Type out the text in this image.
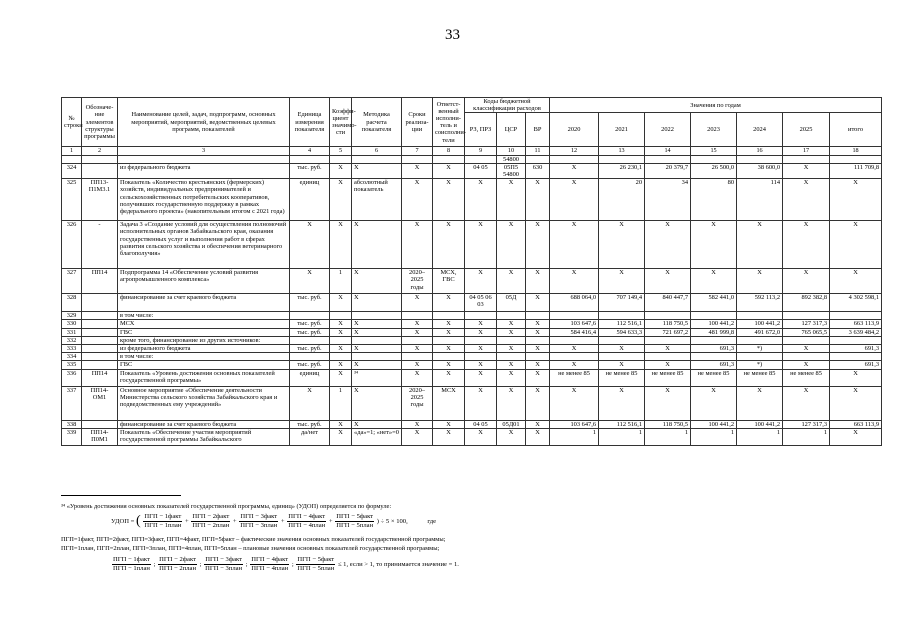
33
№ строки	Обозначе-ние элементов структуры программы	Наименование целей, задач, подпрограмм, основных мероприятий, мероприятий, ведомственных целевых программ, показателей	Единица измерения показателя	Коэффи-циент значимо-сти	Методика расчета показателя	Сроки реализа-ции	Ответст-венный исполни-тель и соисполни-тели	Коды бюджетной классификации расходов			Значения по годам						
								РЗ, ПРЗ	ЦСР	ВР	2020	2021	2022	2023	2024	2025	итого
1	2	3	4	5	6	7	8	9	10	11	12	13	14	15	16	17	18
									54800								
324		из федерального бюджета	тыс. руб.	Х	Х	Х	Х	04 05	05П5 54800	630	Х	26 230,1	20 379,7	26 500,0	38 600,0	Х	111 709,8
325	ПП13-П1М3.1	Показатель «Количество крестьянских (фермерских) хозяйств, индивидуальных предпринимателей и сельскохозяйственных потребительских кооперативов, получивших государственную поддержку в рамках федерального проекта» (накопительным итогом с 2021 года)	единиц	Х	абсолютный показатель	Х	Х	Х	Х	Х	Х	20	34	80	114	Х	Х
326	-	Задача 3 «Создание условий для осуществления полномочий исполнительных органов Забайкальского края, оказания государственных услуг и выполнения работ в сферах развития сельского хозяйства и обеспечения ветеринарного благополучия»	Х	Х	Х	Х	Х	Х	Х	Х	Х	Х	Х	Х	Х	Х	Х
327	ПП14	Подпрограмма 14 «Обеспечение условий развития агропромышленного комплекса»	Х	1	Х	2020–2025 годы	МСХ, ГВС	Х	Х	Х	Х	Х	Х	Х	Х	Х	Х
328		финансирование за счет краевого бюджета	тыс. руб.	Х	Х	Х	Х	04 05 06 03	05Д	Х	688 064,0	707 149,4	840 447,7	582 441,0	592 113,2	892 382,8	4 302 598,1
329		в том числе:															
330		МСХ	тыс. руб.	Х	Х	Х	Х	Х	Х	Х	103 647,6	112 516,1	118 750,5	100 441,2	100 441,2	127 317,3	663 113,9
331		ГВС	тыс. руб.	Х	Х	Х	Х	Х	Х	Х	584 416,4	594 633,3	721 697,2	481 999,8	491 672,0	765 065,5	3 639 484,2
332		кроме того, финансирование из других источников:															
333		из федерального бюджета	тыс. руб.	Х	Х	Х	Х	Х	Х	Х	Х	Х	Х	691,3	*)	Х	691,3
334		в том числе:															
335		ГВС	тыс. руб.	Х	Х	Х	Х	Х	Х	Х	Х	Х	Х	691,3	*)	Х	691,3
336	ПП14	Показатель «Уровень достижения основных показателей государственной программы»	единиц	Х	³⁴	Х	Х	Х	Х	Х	не менее 85	не менее 85	не менее 85	не менее 85	не менее 85	не менее 85	Х
337	ПП14-ОМ1	Основное мероприятие «Обеспечение деятельности Министерства сельского хозяйства Забайкальского края и подведомственных ему учреждений»	Х	1	Х	2020–2025 годы	МСХ	Х	Х	Х	Х	Х	Х	Х	Х	Х	Х
338		финансирование за счет краевого бюджета	тыс. руб.	Х	Х	Х	Х	04 05	05Д01	Х	103 647,6	112 516,1	118 750,5	100 441,2	100 441,2	127 317,3	663 113,9
339	ПП14-П0М1	Показатель «Обеспечение участия мероприятий государственной программы Забайкальского	да/нет	Х	«да»=1; «нет»=0	Х	Х	Х	Х	Х	1	1	1	1	1	1	Х
³⁴ «Уровень достижения основных показателей государственной программы, единиц» (УДОП) определяется по формуле:
УДОП = ( $\frac{\text{ПГП − 1факт}}{\text{ПГП − 1план}} + \frac{\text{ПГП − 2факт}}{\text{ПГП − 2план}} + \frac{\text{ПГП − 3факт}}{\text{ПГП − 3план}} + \frac{\text{ПГП − 4факт}}{\text{ПГП − 4план}} + \frac{\text{ПГП − 5факт}}{\text{ПГП − 5план}}$ ) ÷ 5 × 100,	где
ПГП=1факт, ПГП=2факт, ПГП=3факт, ПГП=4факт, ПГП=5факт – фактические значения основных показателей государственной программы;
ПГП=1план, ПГП=2план, ПГП=3план, ПГП=4план, ПГП=5план – плановые значения основных показателей государственной программы;
$\frac{\text{ПГП − 1факт}}{\text{ПГП − 1план}}$ ; $\frac{\text{ПГП − 2факт}}{\text{ПГП − 2план}}$ ; $\frac{\text{ПГП − 3факт}}{\text{ПГП − 3план}}$ ; $\frac{\text{ПГП − 4факт}}{\text{ПГП − 4план}}$ ; $\frac{\text{ПГП − 5факт}}{\text{ПГП − 5план}} \le 1$, если > 1, то принимается значение = 1.
